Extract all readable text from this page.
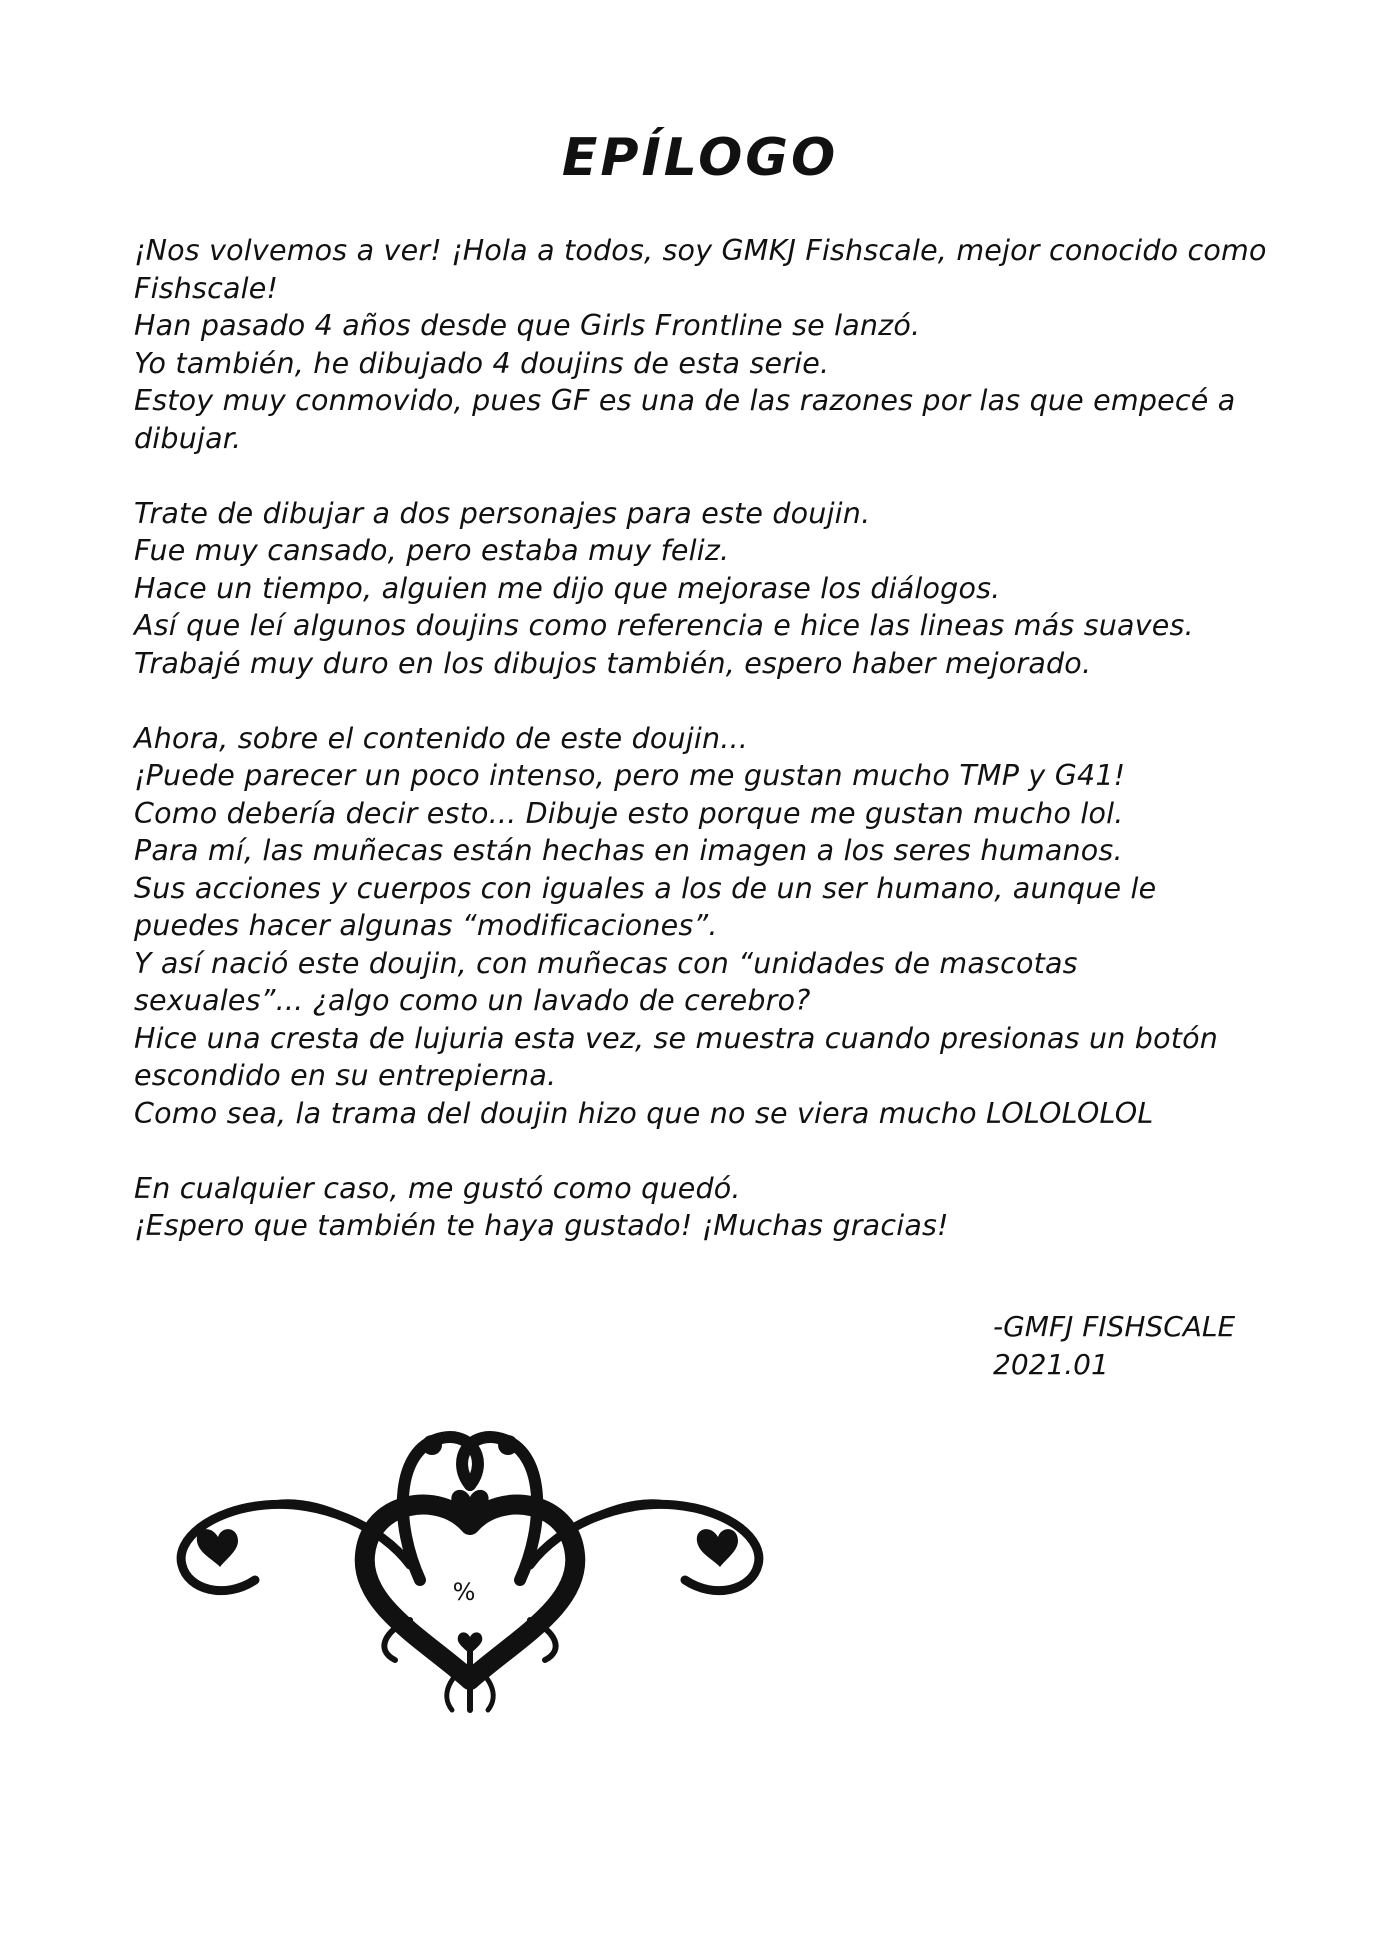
EPÍLOGO

¡Nos volvemos a ver! ¡Hola a todos, soy GMKJ Fishscale, mejor conocido como
Fishscale!
Han pasado 4 años desde que Girls Frontline se lanzó.
Yo también, he dibujado 4 doujins de esta serie.
Estoy muy conmovido, pues GF es una de las razones por las que empecé a
dibujar.

Trate de dibujar a dos personajes para este doujin.
Fue muy cansado, pero estaba muy feliz.
Hace un tiempo, alguien me dijo que mejorase los diálogos.
Así que leí algunos doujins como referencia e hice las lineas más suaves.
Trabajé muy duro en los dibujos también, espero haber mejorado.

Ahora, sobre el contenido de este doujin...
¡Puede parecer un poco intenso, pero me gustan mucho TMP y G41!
Como debería decir esto... Dibuje esto porque me gustan mucho lol.
Para mí, las muñecas están hechas en imagen a los seres humanos.
Sus acciones y cuerpos con iguales a los de un ser humano, aunque le
puedes hacer algunas “modificaciones”.
Y así nació este doujin, con muñecas con “unidades de mascotas
sexuales”... ¿algo como un lavado de cerebro?
Hice una cresta de lujuria esta vez, se muestra cuando presionas un botón
escondido en su entrepierna.
Como sea, la trama del doujin hizo que no se viera mucho LOLOLOLOL

En cualquier caso, me gustó como quedó.
¡Espero que también te haya gustado! ¡Muchas gracias!

-GMFJ FISHSCALE
2021.01
%
